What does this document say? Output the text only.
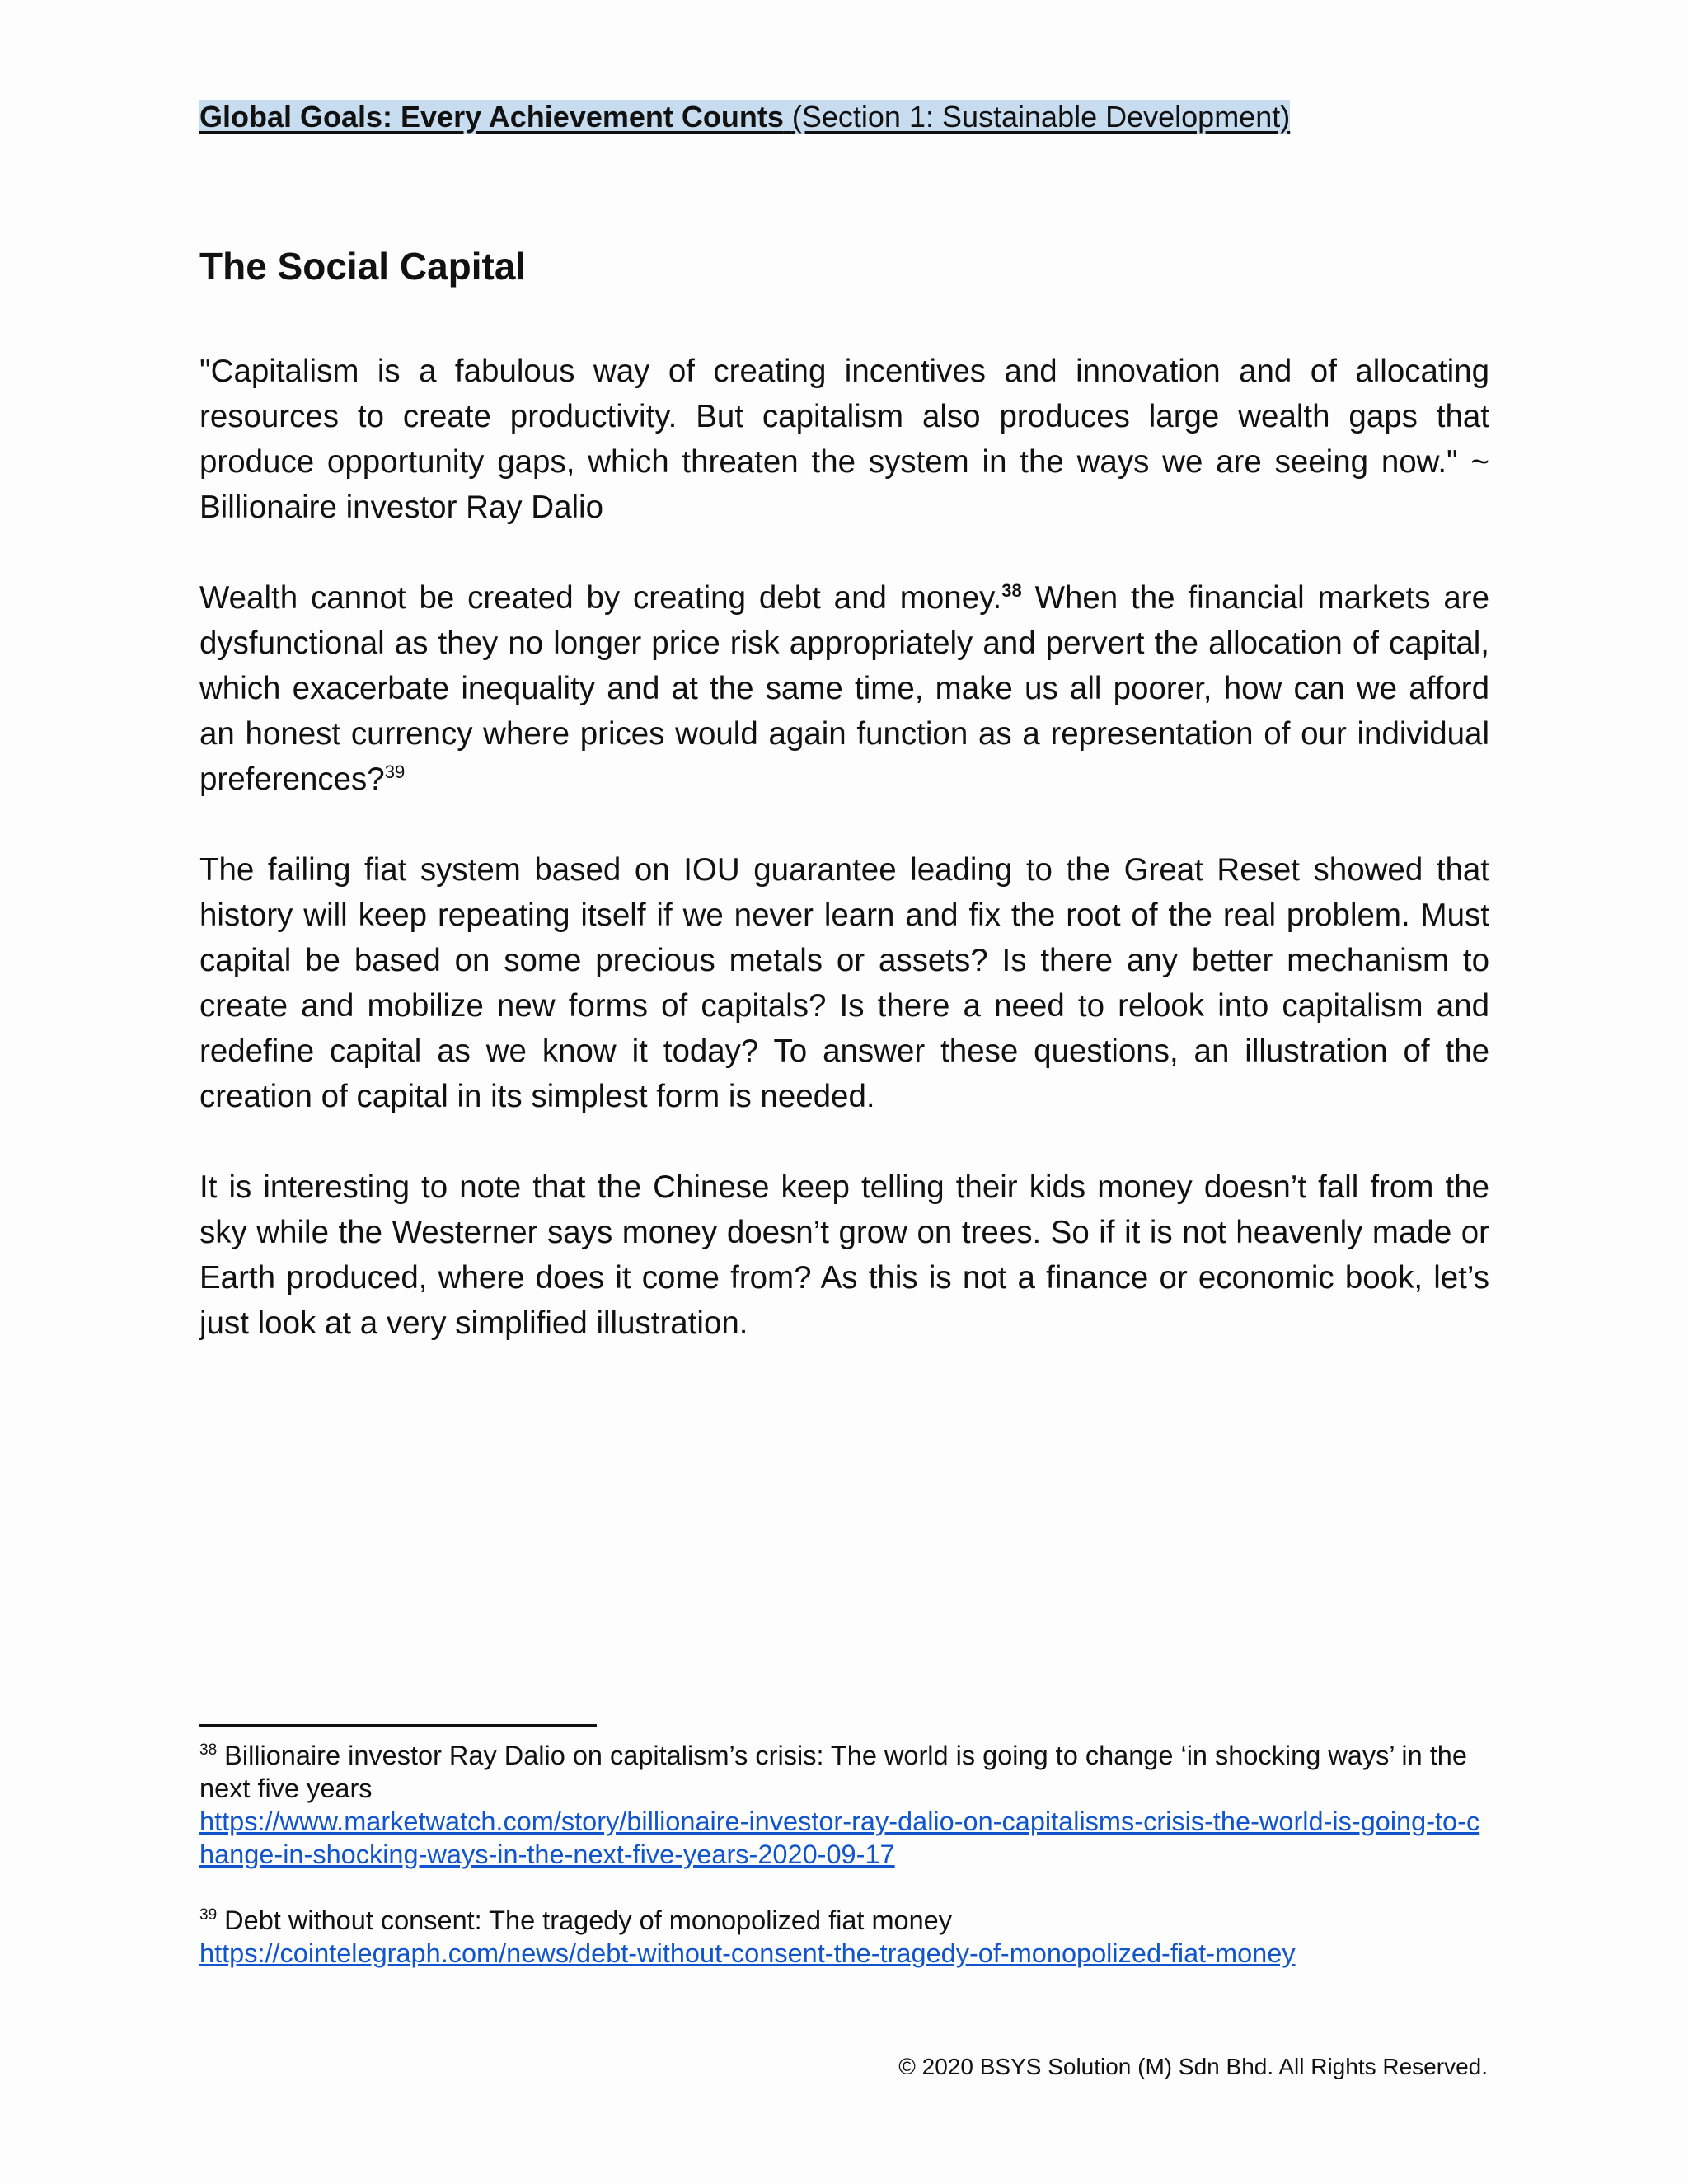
Global Goals: Every Achievement Counts (Section 1: Sustainable Development)
The Social Capital

"Capitalism is a fabulous way of creating incentives and innovation and of allocating resources to create productivity. But capitalism also produces large wealth gaps that produce opportunity gaps, which threaten the system in the ways we are seeing now." ~ Billionaire investor Ray Dalio

Wealth cannot be created by creating debt and money.$^{38}$ When the financial markets are dysfunctional as they no longer price risk appropriately and pervert the allocation of capital, which exacerbate inequality and at the same time, make us all poorer, how can we afford an honest currency where prices would again function as a representation of our individual preferences?$^{39}$

The failing fiat system based on IOU guarantee leading to the Great Reset showed that history will keep repeating itself if we never learn and fix the root of the real problem. Must capital be based on some precious metals or assets? Is there any better mechanism to create and mobilize new forms of capitals? Is there a need to relook into capitalism and redefine capital as we know it today? To answer these questions, an illustration of the creation of capital in its simplest form is needed.

It is interesting to note that the Chinese keep telling their kids money doesn’t fall from the sky while the Westerner says money doesn’t grow on trees. So if it is not heavenly made or Earth produced, where does it come from? As this is not a finance or economic book, let’s just look at a very simplified illustration.

$^{38}$ Billionaire investor Ray Dalio on capitalism’s crisis: The world is going to change ‘in shocking ways’ in the next five years
https://www.marketwatch.com/story/billionaire-investor-ray-dalio-on-capitalisms-crisis-the-world-is-going-to-change-in-shocking-ways-in-the-next-five-years-2020-09-17

$^{39}$ Debt without consent: The tragedy of monopolized fiat money
https://cointelegraph.com/news/debt-without-consent-the-tragedy-of-monopolized-fiat-money

© 2020 BSYS Solution (M) Sdn Bhd. All Rights Reserved.
